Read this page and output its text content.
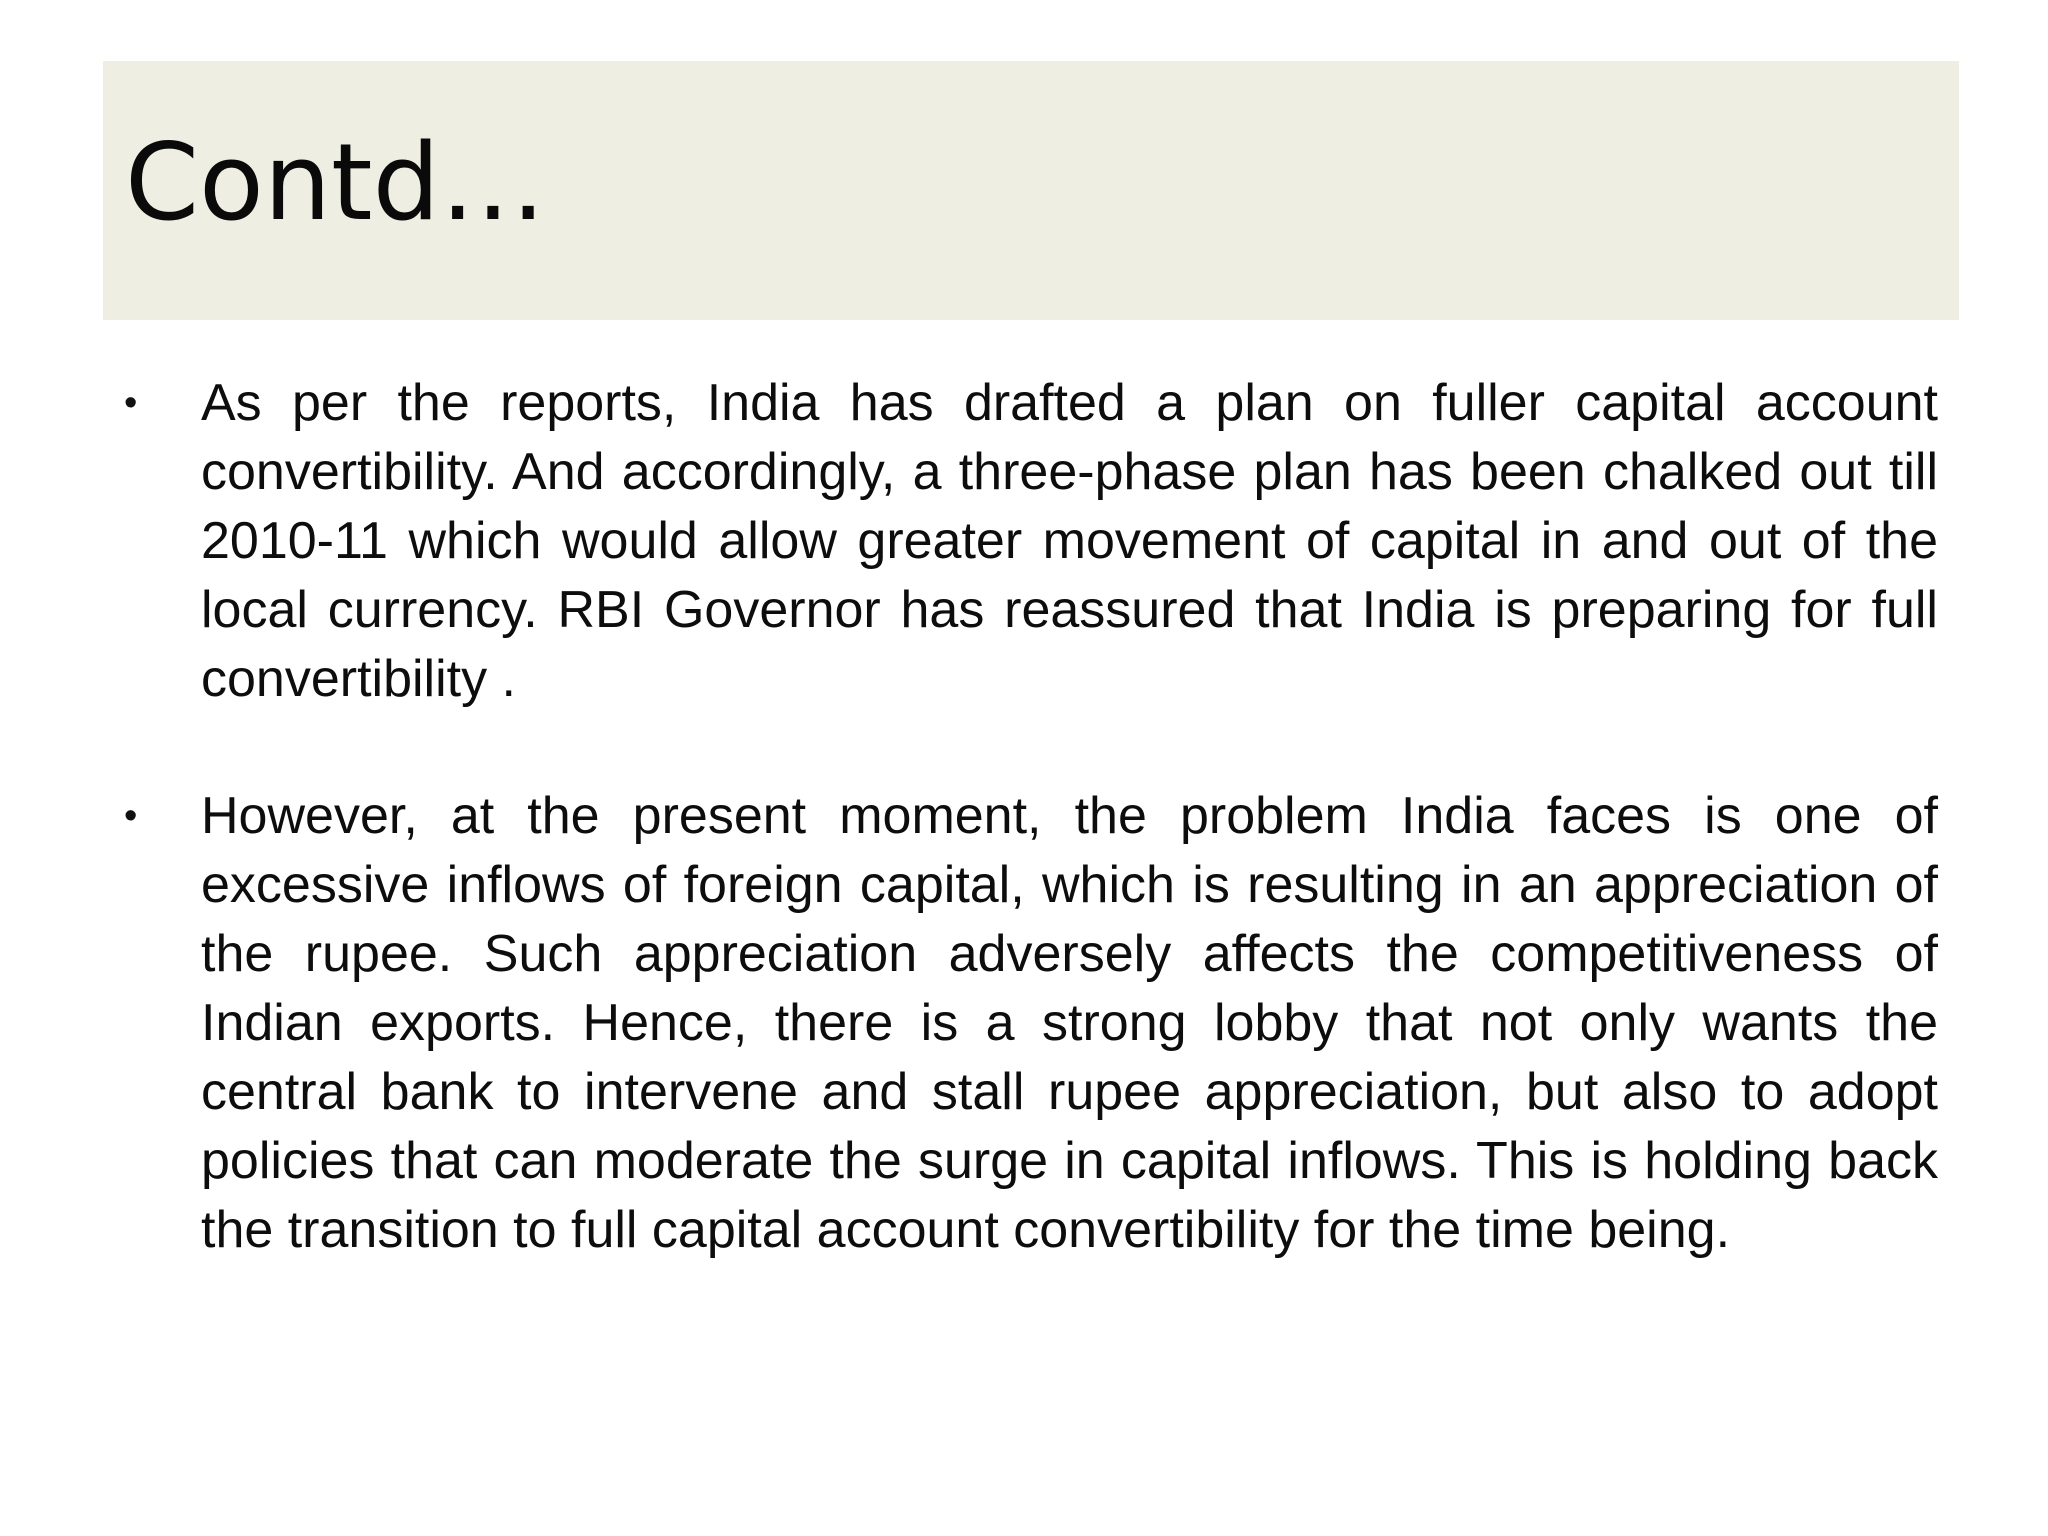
Contd…
•	As per the reports, India has drafted a plan on fuller capital account convertibility. And accordingly, a three-phase plan has been chalked out till 2010-11 which would allow greater movement of capital in and out of the local currency. RBI Governor has reassured that India is preparing for full convertibility .

•	However, at the present moment, the problem India faces is one of excessive inflows of foreign capital, which is resulting in an appreciation of the rupee. Such appreciation adversely affects the competitiveness of Indian exports. Hence, there is a strong lobby that not only wants the central bank to intervene and stall rupee appreciation, but also to adopt policies that can moderate the surge in capital inflows. This is holding back the transition to full capital account convertibility for the time being.
